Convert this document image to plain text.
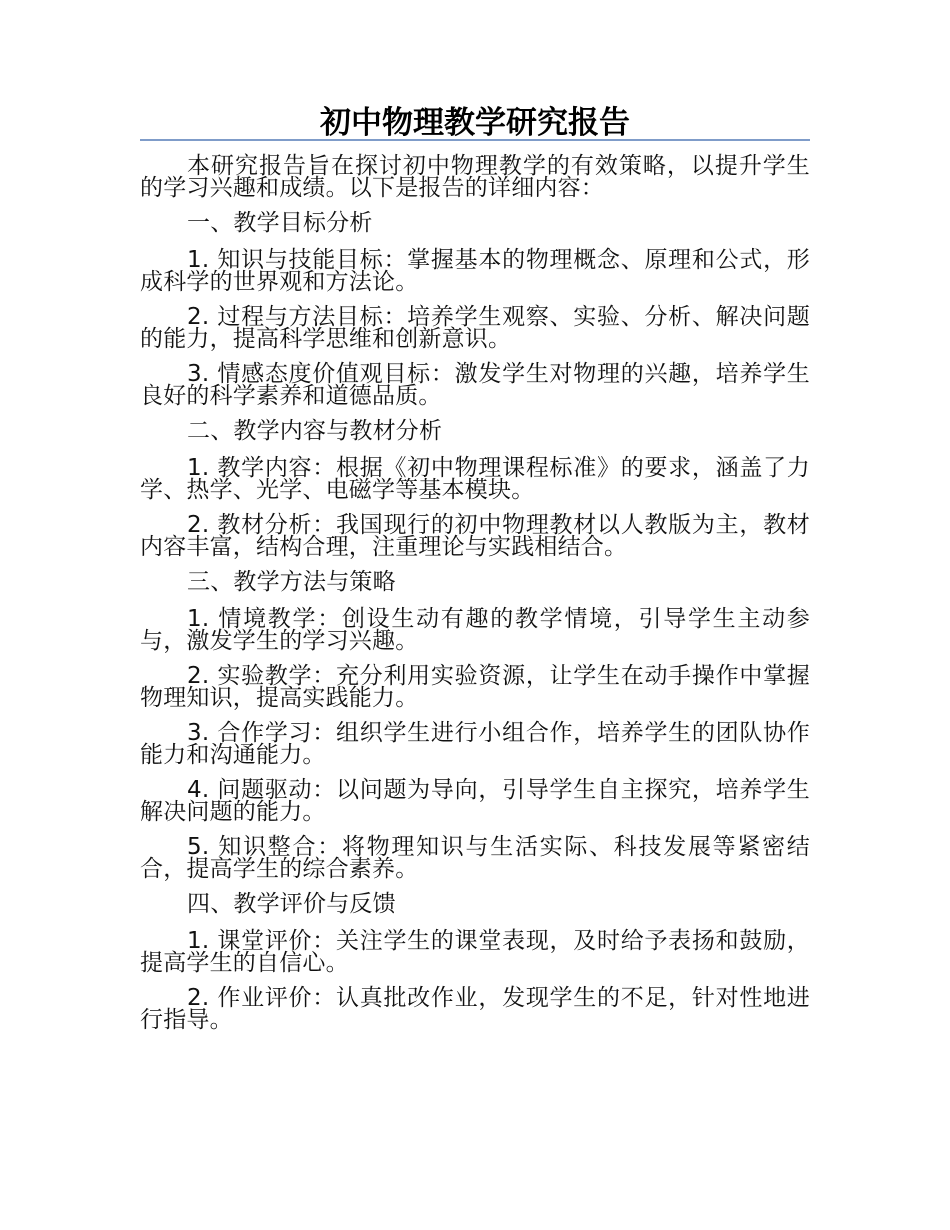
初中物理教学研究报告

本研究报告旨在探讨初中物理教学的有效策略，以提升学生的学习兴趣和成绩。以下是报告的详细内容：

一、教学目标分析

1. 知识与技能目标：掌握基本的物理概念、原理和公式，形成科学的世界观和方法论。

2. 过程与方法目标：培养学生观察、实验、分析、解决问题的能力，提高科学思维和创新意识。

3. 情感态度价值观目标：激发学生对物理的兴趣，培养学生良好的科学素养和道德品质。

二、教学内容与教材分析

1. 教学内容：根据《初中物理课程标准》的要求，涵盖了力学、热学、光学、电磁学等基本模块。

2. 教材分析：我国现行的初中物理教材以人教版为主，教材内容丰富，结构合理，注重理论与实践相结合。

三、教学方法与策略

1. 情境教学：创设生动有趣的教学情境，引导学生主动参与，激发学生的学习兴趣。

2. 实验教学：充分利用实验资源，让学生在动手操作中掌握物理知识，提高实践能力。

3. 合作学习：组织学生进行小组合作，培养学生的团队协作能力和沟通能力。

4. 问题驱动：以问题为导向，引导学生自主探究，培养学生解决问题的能力。

5. 知识整合：将物理知识与生活实际、科技发展等紧密结合，提高学生的综合素养。

四、教学评价与反馈

1. 课堂评价：关注学生的课堂表现，及时给予表扬和鼓励，提高学生的自信心。

2. 作业评价：认真批改作业，发现学生的不足，针对性地进行指导。
